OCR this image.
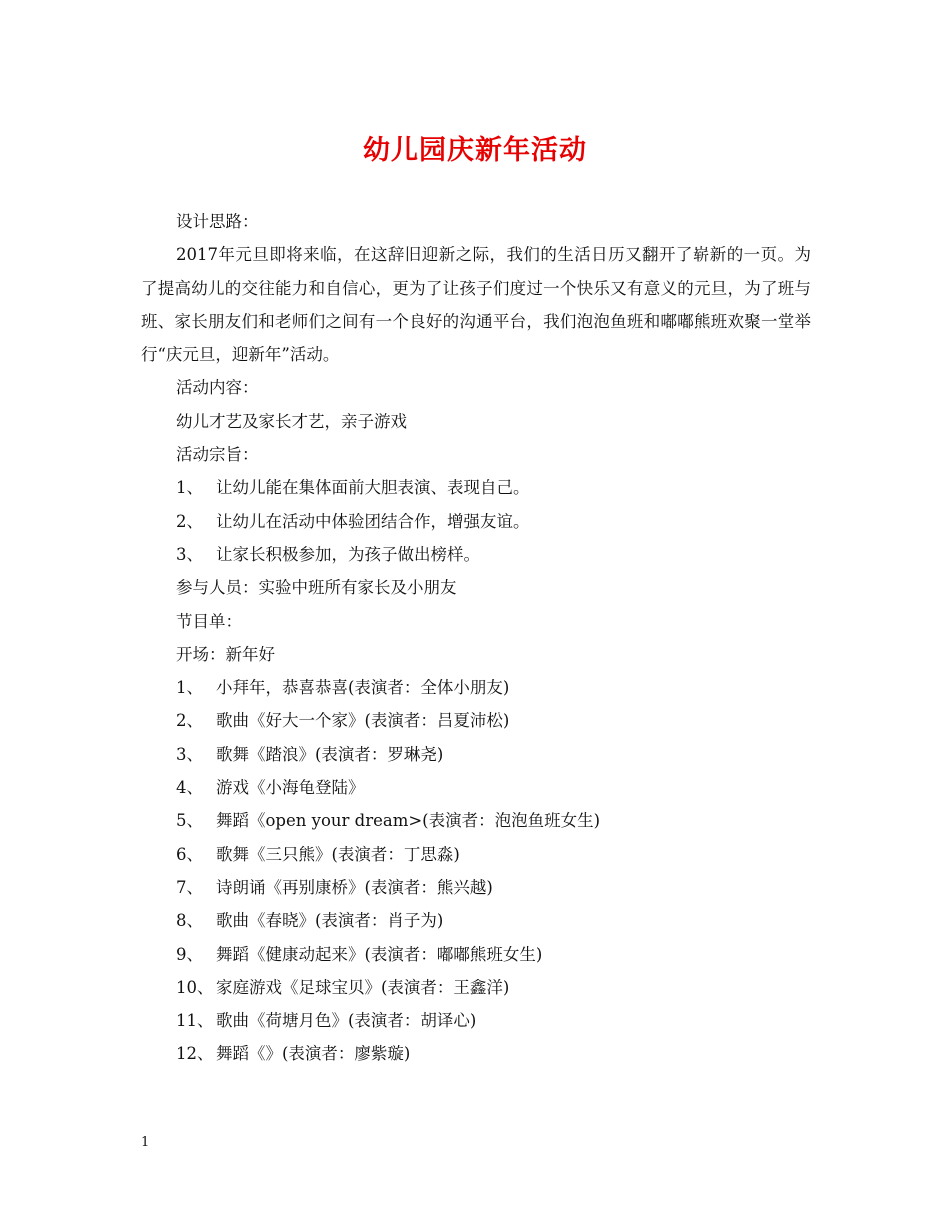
幼儿园庆新年活动
设计思路：

2017年元旦即将来临，在这辞旧迎新之际，我们的生活日历又翻开了崭新的一页。为了提高幼儿的交往能力和自信心，更为了让孩子们度过一个快乐又有意义的元旦，为了班与班、家长朋友们和老师们之间有一个良好的沟通平台，我们泡泡鱼班和嘟嘟熊班欢聚一堂举行“庆元旦，迎新年”活动。

活动内容：
幼儿才艺及家长才艺，亲子游戏
活动宗旨：
1、 让幼儿能在集体面前大胆表演、表现自己。
2、 让幼儿在活动中体验团结合作，增强友谊。
3、 让家长积极参加，为孩子做出榜样。
参与人员：实验中班所有家长及小朋友
节目单：
开场：新年好
1、 小拜年，恭喜恭喜(表演者：全体小朋友)
2、 歌曲《好大一个家》(表演者：吕夏沛松)
3、 歌舞《踏浪》(表演者：罗琳尧)
4、 游戏《小海龟登陆》
5、 舞蹈《open your dream>(表演者：泡泡鱼班女生)
6、 歌舞《三只熊》(表演者：丁思淼)
7、 诗朗诵《再别康桥》(表演者：熊兴越)
8、 歌曲《春晓》(表演者：肖子为)
9、 舞蹈《健康动起来》(表演者：嘟嘟熊班女生)
10、 家庭游戏《足球宝贝》(表演者：王鑫洋)
11、 歌曲《荷塘月色》(表演者：胡译心)
12、 舞蹈《》(表演者：廖紫璇)
1
